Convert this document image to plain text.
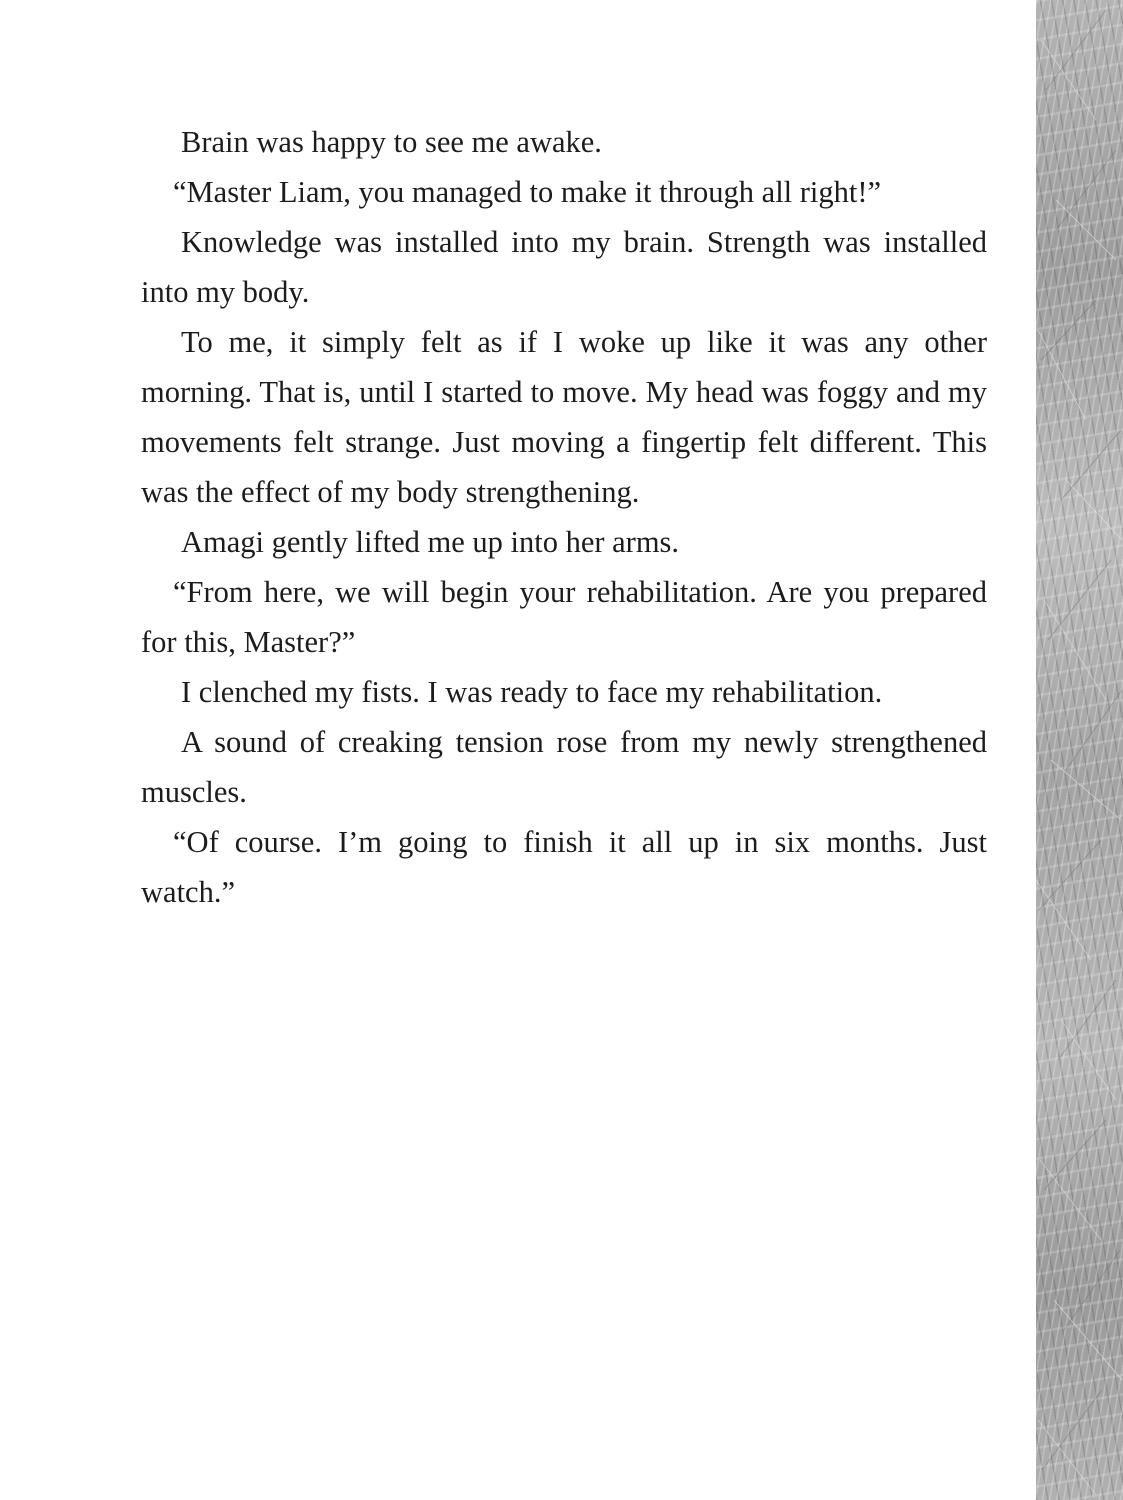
Brain was happy to see me awake.

“Master Liam, you managed to make it through all right!”

Knowledge was installed into my brain. Strength was installed into my body.

To me, it simply felt as if I woke up like it was any other morning. That is, until I started to move. My head was foggy and my movements felt strange. Just moving a fingertip felt different. This was the effect of my body strengthening.

Amagi gently lifted me up into her arms.

“From here, we will begin your rehabilitation. Are you prepared for this, Master?”

I clenched my fists. I was ready to face my rehabilitation.

A sound of creaking tension rose from my newly strengthened muscles.

“Of course. I’m going to finish it all up in six months. Just watch.”
